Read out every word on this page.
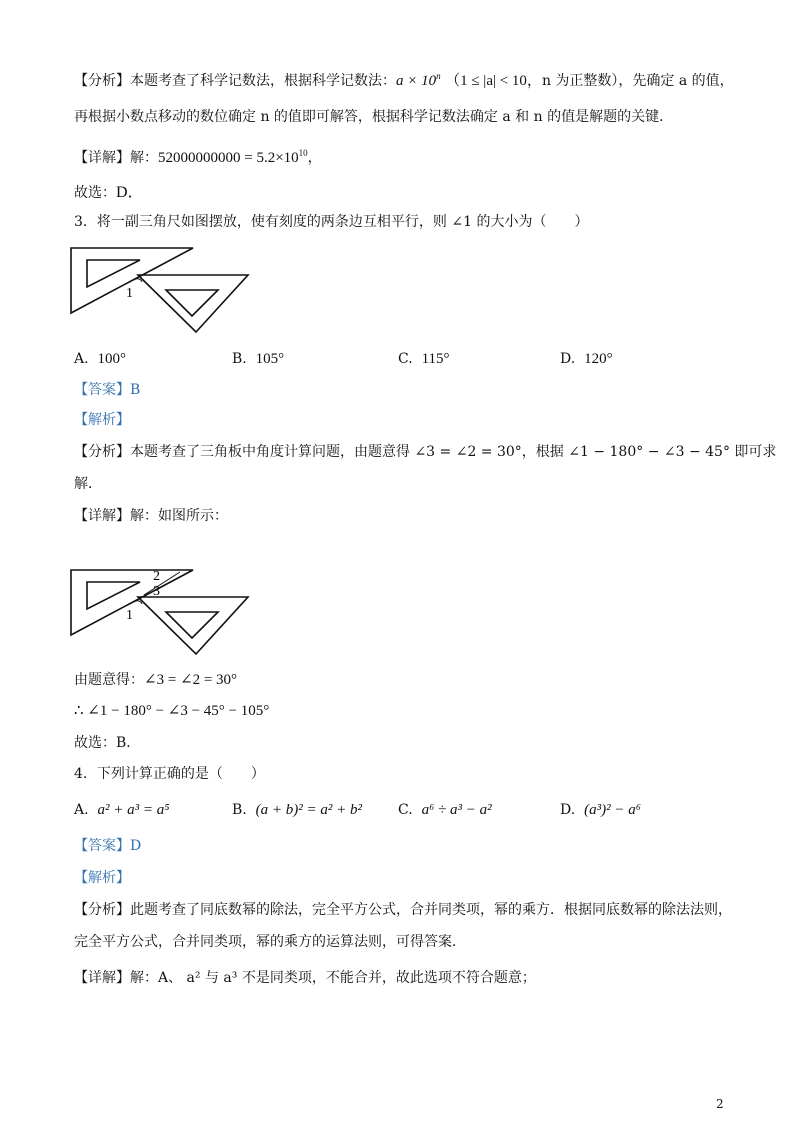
【分析】本题考查了科学记数法，根据科学记数法：$a \times 10^n$ （1 ≤ |a| < 10，n 为正整数），先确定 a 的值，
再根据小数点移动的数位确定 n 的值即可解答，根据科学记数法确定 a 和 n 的值是解题的关键．
【详解】解：$52000000000 = 5.2\times 10^{10}$，
故选：D．
3．将一副三角尺如图摆放，使有刻度的两条边互相平行，则 ∠1 的大小为（　　）
1
A. 100°	B. 105°	C. 115°	D. 120°
【答案】B
【解析】
【分析】本题考查了三角板中角度计算问题，由题意得 ∠3 = ∠2 = 30°，根据 ∠1 − 180° − ∠3 − 45° 即可求
解．
【详解】解：如图所示：
2
3
1
由题意得：∠3 = ∠2 = 30°
∴ ∠1 − 180° − ∠3 − 45° − 105°
故选：B．
4．下列计算正确的是（　　）
A. a² + a³ = a⁵	B. (a + b)² = a² + b²	C. a⁶ ÷ a³ − a²	D. (a³)² − a⁶
【答案】D
【解析】
【分析】此题考查了同底数幂的除法，完全平方公式，合并同类项，幂的乘方．根据同底数幂的除法法则，
完全平方公式，合并同类项，幂的乘方的运算法则，可得答案．
【详解】解：A、 a² 与 a³ 不是同类项，不能合并，故此选项不符合题意；
2
